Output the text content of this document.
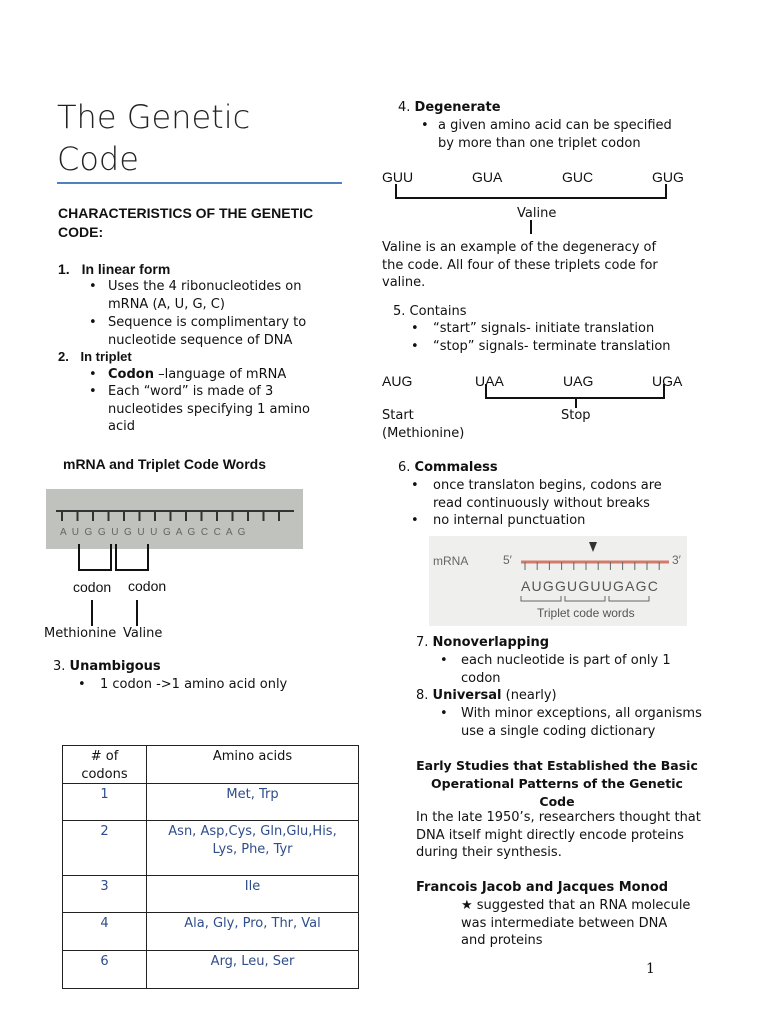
The Genetic
Code
CHARACTERISTICS OF THE GENETIC
CODE:
1. In linear form
• Uses the 4 ribonucleotides on
mRNA (A, U, G, C)
• Sequence is complimentary to
nucleotide sequence of DNA
2. In triplet
• Codon –language of mRNA
• Each “word” is made of 3
nucleotides specifying 1 amino
acid
mRNA and Triplet Code Words
A U G G U G U U G A G C C A G
codon codon
Methionine Valine
3. Unambigous
• 1 codon ->1 amino acid only
# of
codons	Amino acids
1	Met, Trp
2	Asn, Asp,Cys, Gln,Glu,His,
Lys, Phe, Tyr
3	Ile
4	Ala, Gly, Pro, Thr, Val
6	Arg, Leu, Ser
4. Degenerate
• a given amino acid can be specified
by more than one triplet codon
GUU	GUA	GUC	GUG
Valine
Valine is an example of the degeneracy of
the code. All four of these triplets code for
valine.
5. Contains
• “start” signals- initiate translation
• “stop” signals- terminate translation
AUG	UAA	UAG	UGA
Start
(Methionine)
Stop
6. Commaless
• once translaton begins, codons are
read continuously without breaks
• no internal punctuation
mRNA	5′	3′
AUGGUGUUGAGC
Triplet code words
7. Nonoverlapping
• each nucleotide is part of only 1
codon
8. Universal (nearly)
• With minor exceptions, all organisms
use a single coding dictionary
Early Studies that Established the Basic
Operational Patterns of the Genetic Code
In the late 1950’s, researchers thought that
DNA itself might directly encode proteins
during their synthesis.
Francois Jacob and Jacques Monod
★ suggested that an RNA molecule
was intermediate between DNA
and proteins
1
